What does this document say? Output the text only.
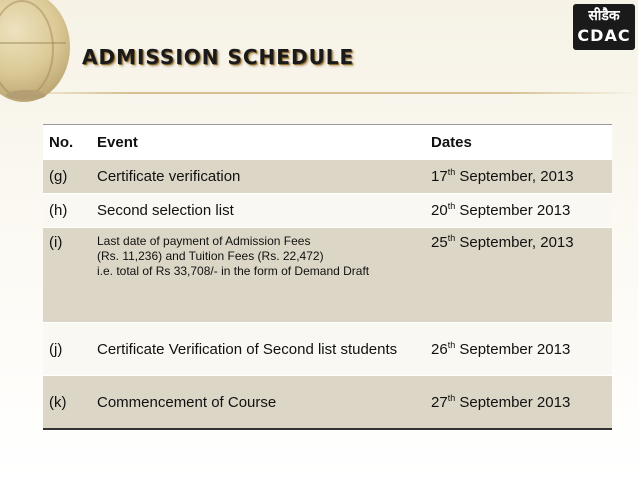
ADMISSION SCHEDULE
सीडैक
CDAC
No.	Event	Dates
(g)	Certificate verification	17th September, 2013
(h)	Second selection list	20th September 2013
(i)	Last date of payment of Admission Fees
(Rs. 11,236) and Tuition Fees (Rs. 22,472)
i.e. total of Rs 33,708/- in the form of Demand Draft	25th September, 2013
(j)	Certificate Verification of Second list students	26th September 2013
(k)	Commencement of Course	27th September 2013
